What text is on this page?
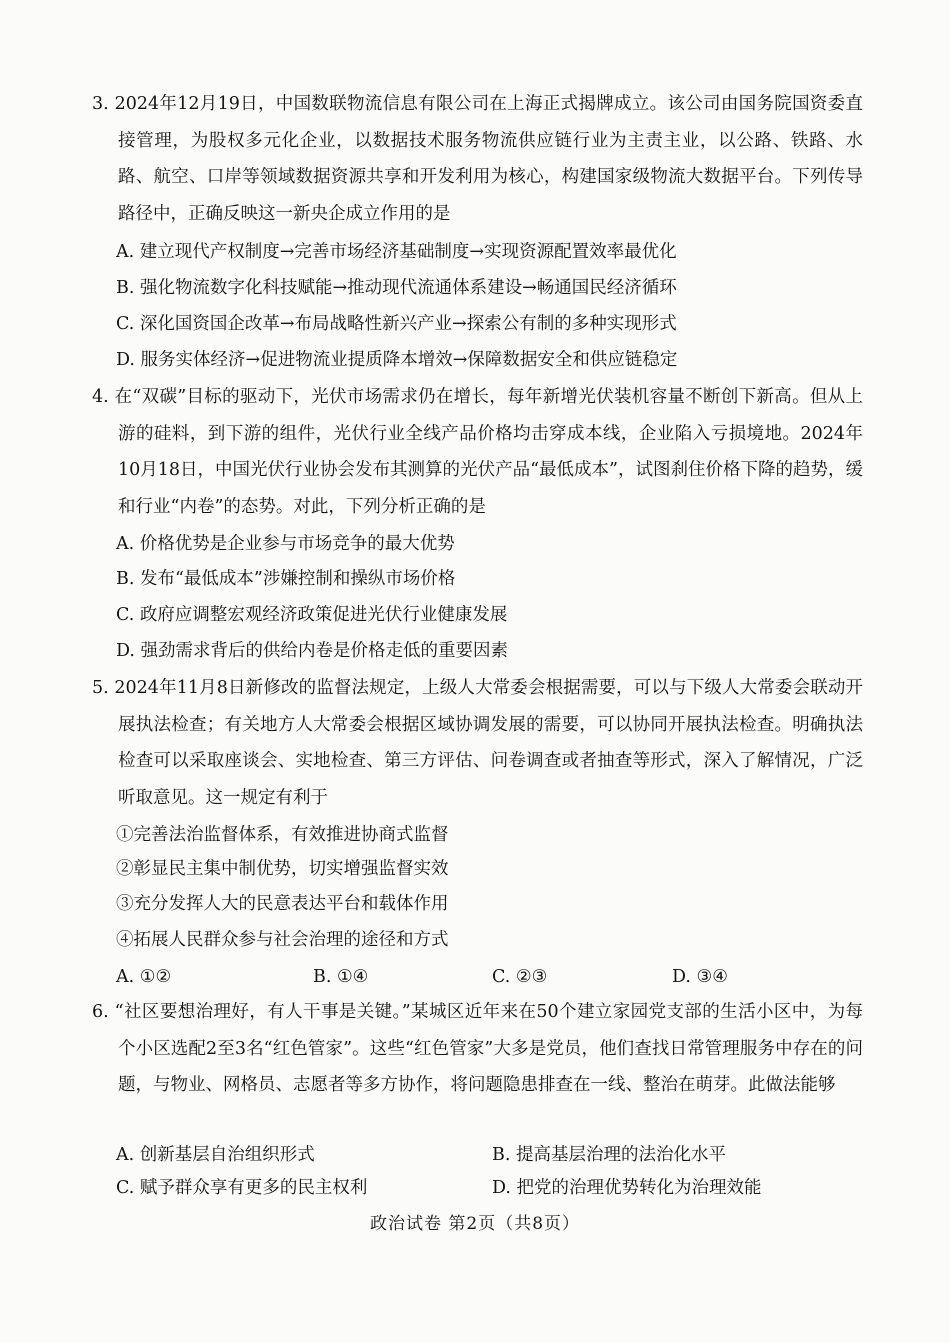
3. 2024年12月19日，中国数联物流信息有限公司在上海正式揭牌成立。该公司由国务院国资委直接管理，为股权多元化企业，以数据技术服务物流供应链行业为主责主业，以公路、铁路、水路、航空、口岸等领域数据资源共享和开发利用为核心，构建国家级物流大数据平台。下列传导路径中，正确反映这一新央企成立作用的是

A. 建立现代产权制度→完善市场经济基础制度→实现资源配置效率最优化
B. 强化物流数字化科技赋能→推动现代流通体系建设→畅通国民经济循环
C. 深化国资国企改革→布局战略性新兴产业→探索公有制的多种实现形式
D. 服务实体经济→促进物流业提质降本增效→保障数据安全和供应链稳定

4. 在“双碳”目标的驱动下，光伏市场需求仍在增长，每年新增光伏装机容量不断创下新高。但从上游的硅料，到下游的组件，光伏行业全线产品价格均击穿成本线，企业陷入亏损境地。2024年10月18日，中国光伏行业协会发布其测算的光伏产品“最低成本”，试图刹住价格下降的趋势，缓和行业“内卷”的态势。对此，下列分析正确的是

A. 价格优势是企业参与市场竞争的最大优势
B. 发布“最低成本”涉嫌控制和操纵市场价格
C. 政府应调整宏观经济政策促进光伏行业健康发展
D. 强劲需求背后的供给内卷是价格走低的重要因素

5. 2024年11月8日新修改的监督法规定，上级人大常委会根据需要，可以与下级人大常委会联动开展执法检查；有关地方人大常委会根据区域协调发展的需要，可以协同开展执法检查。明确执法检查可以采取座谈会、实地检查、第三方评估、问卷调查或者抽查等形式，深入了解情况，广泛听取意见。这一规定有利于

①完善法治监督体系，有效推进协商式监督
②彰显民主集中制优势，切实增强监督实效
③充分发挥人大的民意表达平台和载体作用
④拓展人民群众参与社会治理的途径和方式
A. ①②	B. ①④	C. ②③	D. ③④

6. “社区要想治理好，有人干事是关键。”某城区近年来在50个建立家园党支部的生活小区中，为每个小区选配2至3名“红色管家”。这些“红色管家”大多是党员，他们查找日常管理服务中存在的问题，与物业、网格员、志愿者等多方协作，将问题隐患排查在一线、整治在萌芽。此做法能够

A. 创新基层自治组织形式	B. 提高基层治理的法治化水平
C. 赋予群众享有更多的民主权利	D. 把党的治理优势转化为治理效能
政治试卷 第2页（共8页）
